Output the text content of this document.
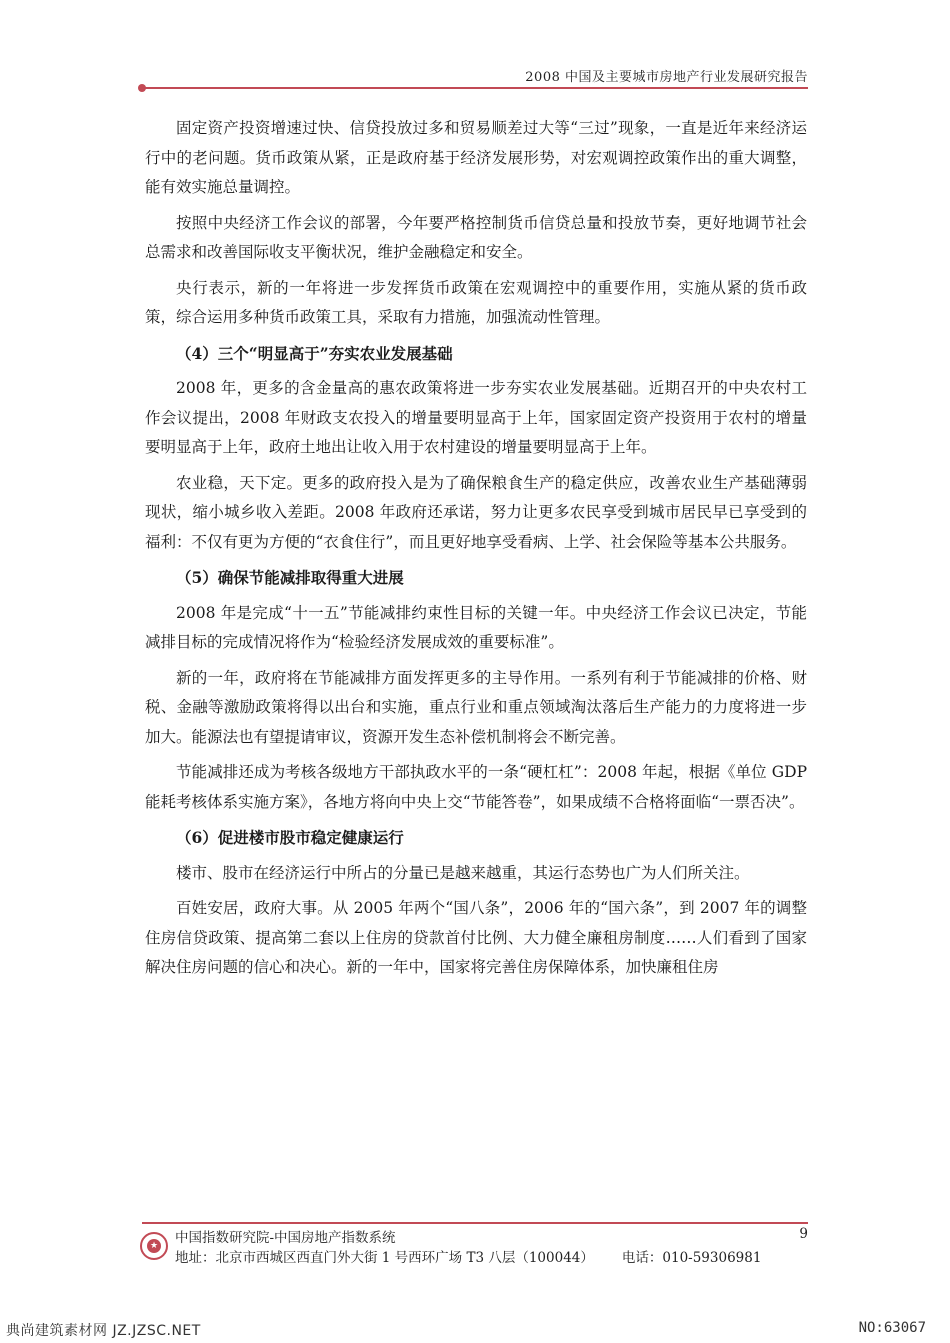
2008 中国及主要城市房地产行业发展研究报告

固定资产投资增速过快、信贷投放过多和贸易顺差过大等“三过”现象，一直是近年来经济运行中的老问题。货币政策从紧，正是政府基于经济发展形势，对宏观调控政策作出的重大调整，能有效实施总量调控。

按照中央经济工作会议的部署，今年要严格控制货币信贷总量和投放节奏，更好地调节社会总需求和改善国际收支平衡状况，维护金融稳定和安全。

央行表示，新的一年将进一步发挥货币政策在宏观调控中的重要作用，实施从紧的货币政策，综合运用多种货币政策工具，采取有力措施，加强流动性管理。

（4）三个“明显高于”夯实农业发展基础

2008 年，更多的含金量高的惠农政策将进一步夯实农业发展基础。近期召开的中央农村工作会议提出，2008 年财政支农投入的增量要明显高于上年，国家固定资产投资用于农村的增量要明显高于上年，政府土地出让收入用于农村建设的增量要明显高于上年。

农业稳，天下定。更多的政府投入是为了确保粮食生产的稳定供应，改善农业生产基础薄弱现状，缩小城乡收入差距。2008 年政府还承诺，努力让更多农民享受到城市居民早已享受到的福利：不仅有更为方便的“衣食住行”，而且更好地享受看病、上学、社会保险等基本公共服务。

（5）确保节能减排取得重大进展

2008 年是完成“十一五”节能减排约束性目标的关键一年。中央经济工作会议已决定，节能减排目标的完成情况将作为“检验经济发展成效的重要标准”。

新的一年，政府将在节能减排方面发挥更多的主导作用。一系列有利于节能减排的价格、财税、金融等激励政策将得以出台和实施，重点行业和重点领域淘汰落后生产能力的力度将进一步加大。能源法也有望提请审议，资源开发生态补偿机制将会不断完善。

节能减排还成为考核各级地方干部执政水平的一条“硬杠杠”：2008 年起，根据《单位 GDP 能耗考核体系实施方案》，各地方将向中央上交“节能答卷”，如果成绩不合格将面临“一票否决”。

（6）促进楼市股市稳定健康运行

楼市、股市在经济运行中所占的分量已是越来越重，其运行态势也广为人们所关注。

百姓安居，政府大事。从 2005 年两个“国八条”，2006 年的“国六条”，到 2007 年的调整住房信贷政策、提高第二套以上住房的贷款首付比例、大力健全廉租房制度……人们看到了国家解决住房问题的信心和决心。新的一年中，国家将完善住房保障体系，加快廉租住房

★ 中国指数研究院-中国房地产指数系统
地址：北京市西城区西直门外大街 1 号西环广场 T3 八层（100044） 电话：010-59306981
9
典尚建筑素材网 JZ.JZSC.NET	NO:63067
